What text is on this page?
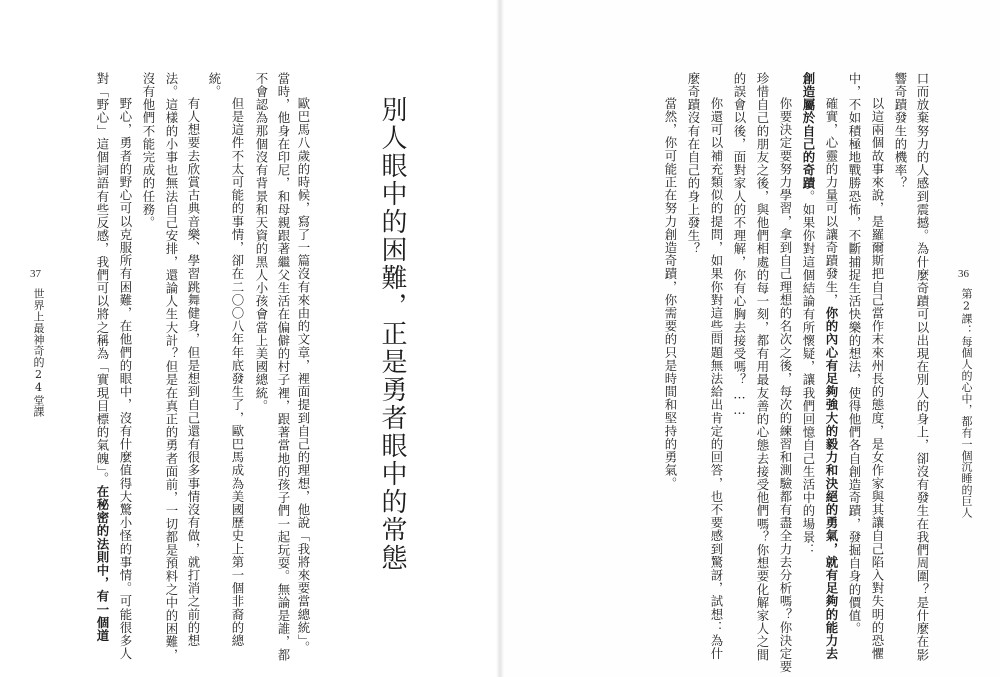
37
世界上最神奇的24堂課	別人眼中的困難，正是勇者眼中的常態
歐巴馬八歲的時候，寫了一篇沒有來由的文章，裡面提到自己的理想，他說「我將來要當總統」。
當時，他身在印尼，和母親跟著繼父生活在偏僻的村子裡，跟著當地的孩子們一起玩耍。無論是誰，都
不會認為那個沒有背景和天資的黑人小孩會當上美國總統。
但是這件不太可能的事情，卻在二〇〇八年年底發生了，歐巴馬成為美國歷史上第一個非裔的總
統。
有人想要去欣賞古典音樂、學習跳舞健身，但是想到自己還有很多事情沒有做，就打消之前的想
法。這樣的小事也無法自己安排，還論人生大計？但是在真正的勇者面前，一切都是預料之中的困難，
沒有他們不能完成的任務。
野心，勇者的野心可以克服所有困難，在他們的眼中，沒有什麼值得大驚小怪的事情。可能很多人
對「野心」這個詞語有些反感，我們可以將之稱為「實現目標的氣魄」。在秘密的法則中，有一個道
36
第2課：每個人的心中，都有一個沉睡的巨人
口而放棄努力的人感到震撼。為什麼奇蹟可以出現在別人的身上，卻沒有發生在我們周圍？是什麼在影
響奇蹟發生的機率？
以這兩個故事來說，是羅爾斯把自己當作末來州長的態度，是女作家與其讓自己陷入對失明的恐懼
中，不如積極地戰勝恐怖，不斷捕捉生活快樂的想法，使得他們各自創造奇蹟，發掘自身的價值。
確實，心靈的力量可以讓奇蹟發生，你的內心有足夠強大的毅力和決絕的勇氣，就有足夠的能力去
創造屬於自己的奇蹟。如果你對這個結論有所懷疑，讓我們回憶自己生活中的場景：
你要決定要努力學習，拿到自己理想的名次之後，每次的練習和測驗都有盡全力去分析嗎？你決定要
珍惜自己的朋友之後，與他們相處的每一刻，都有用最友善的心態去接受他們嗎？你想要化解家人之間
的誤會以後，面對家人的不理解，你有心胸去接受嗎？……
你還可以補充類似的提問，如果你對這些問題無法給出肯定的回答，也不要感到驚訝，試想：為什
麼奇蹟沒有在自己的身上發生？
當然，你可能正在努力創造奇蹟，你需要的只是時間和堅持的勇氣。
